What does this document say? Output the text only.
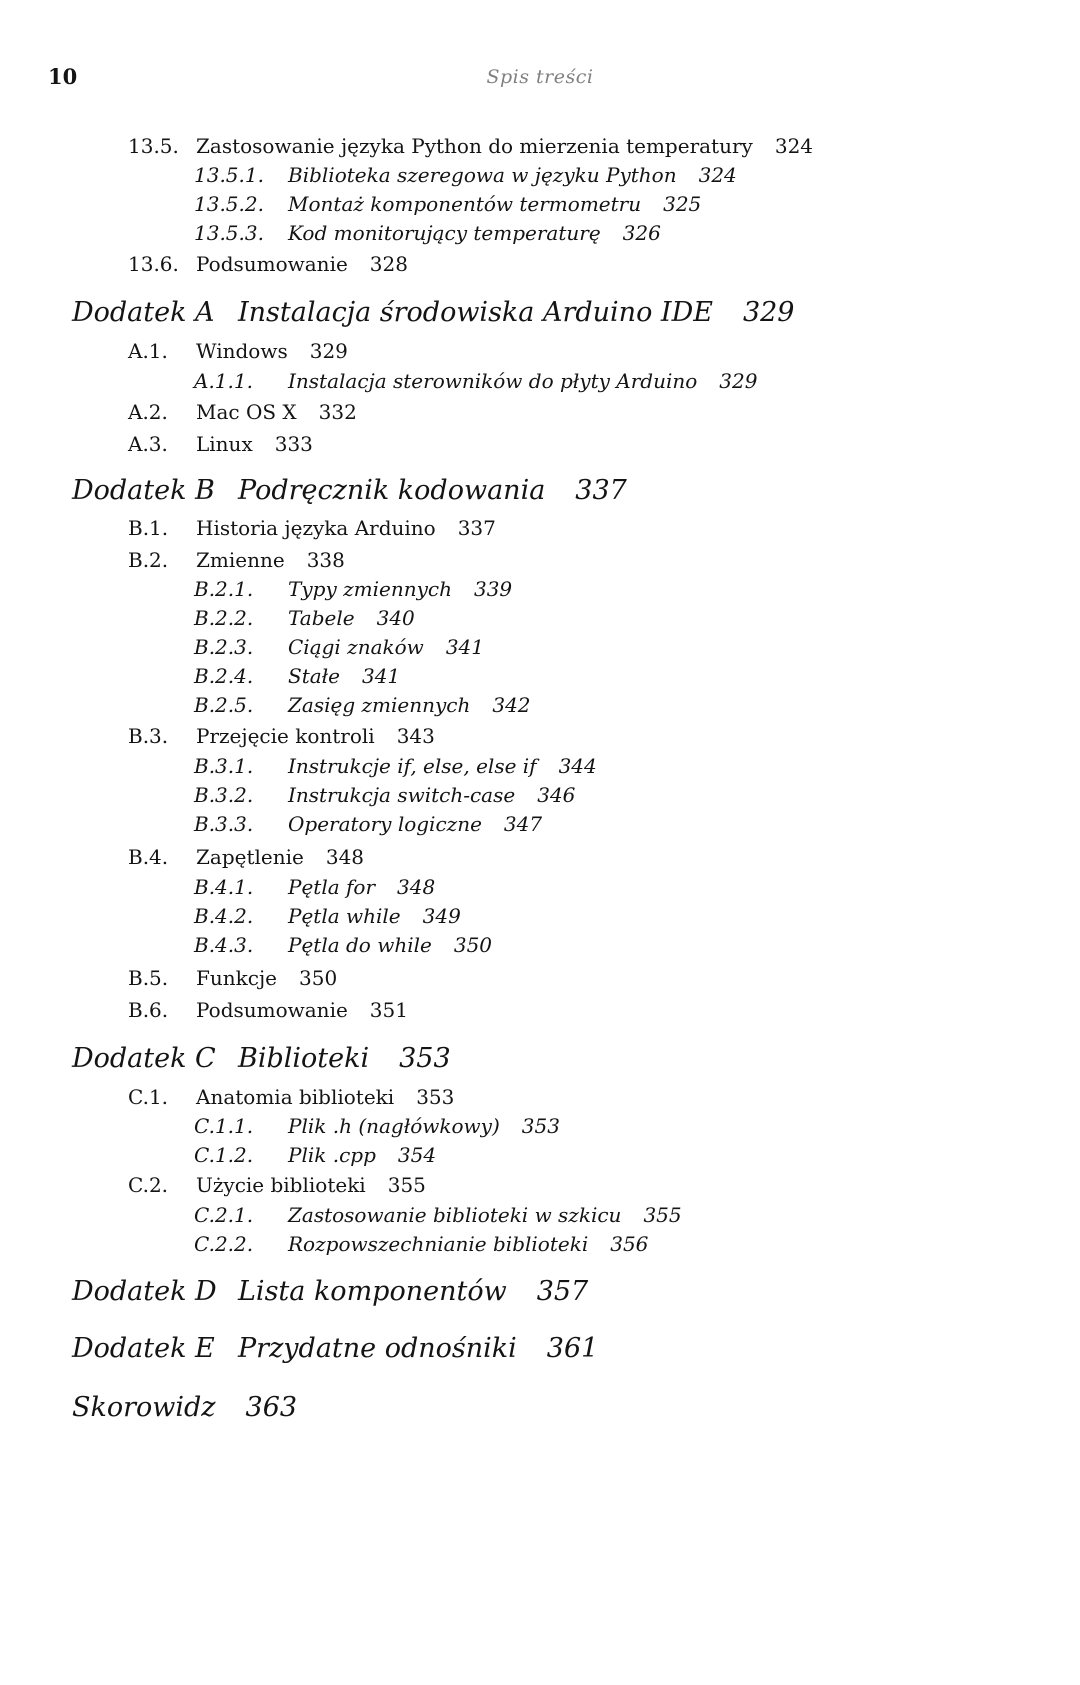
10	Spis treści
13.5. Zastosowanie języka Python do mierzenia temperatury 324
13.5.1. Biblioteka szeregowa w języku Python 324
13.5.2. Montaż komponentów termometru 325
13.5.3. Kod monitorujący temperaturę 326
13.6. Podsumowanie 328
Dodatek A Instalacja środowiska Arduino IDE 329
A.1. Windows 329
A.1.1. Instalacja sterowników do płyty Arduino 329
A.2. Mac OS X 332
A.3. Linux 333
Dodatek B Podręcznik kodowania 337
B.1. Historia języka Arduino 337
B.2. Zmienne 338
B.2.1. Typy zmiennych 339
B.2.2. Tabele 340
B.2.3. Ciągi znaków 341
B.2.4. Stałe 341
B.2.5. Zasięg zmiennych 342
B.3. Przejęcie kontroli 343
B.3.1. Instrukcje if, else, else if 344
B.3.2. Instrukcja switch-case 346
B.3.3. Operatory logiczne 347
B.4. Zapętlenie 348
B.4.1. Pętla for 348
B.4.2. Pętla while 349
B.4.3. Pętla do while 350
B.5. Funkcje 350
B.6. Podsumowanie 351
Dodatek C Biblioteki 353
C.1. Anatomia biblioteki 353
C.1.1. Plik .h (nagłówkowy) 353
C.1.2. Plik .cpp 354
C.2. Użycie biblioteki 355
C.2.1. Zastosowanie biblioteki w szkicu 355
C.2.2. Rozpowszechnianie biblioteki 356
Dodatek D Lista komponentów 357
Dodatek E Przydatne odnośniki 361
Skorowidz 363
